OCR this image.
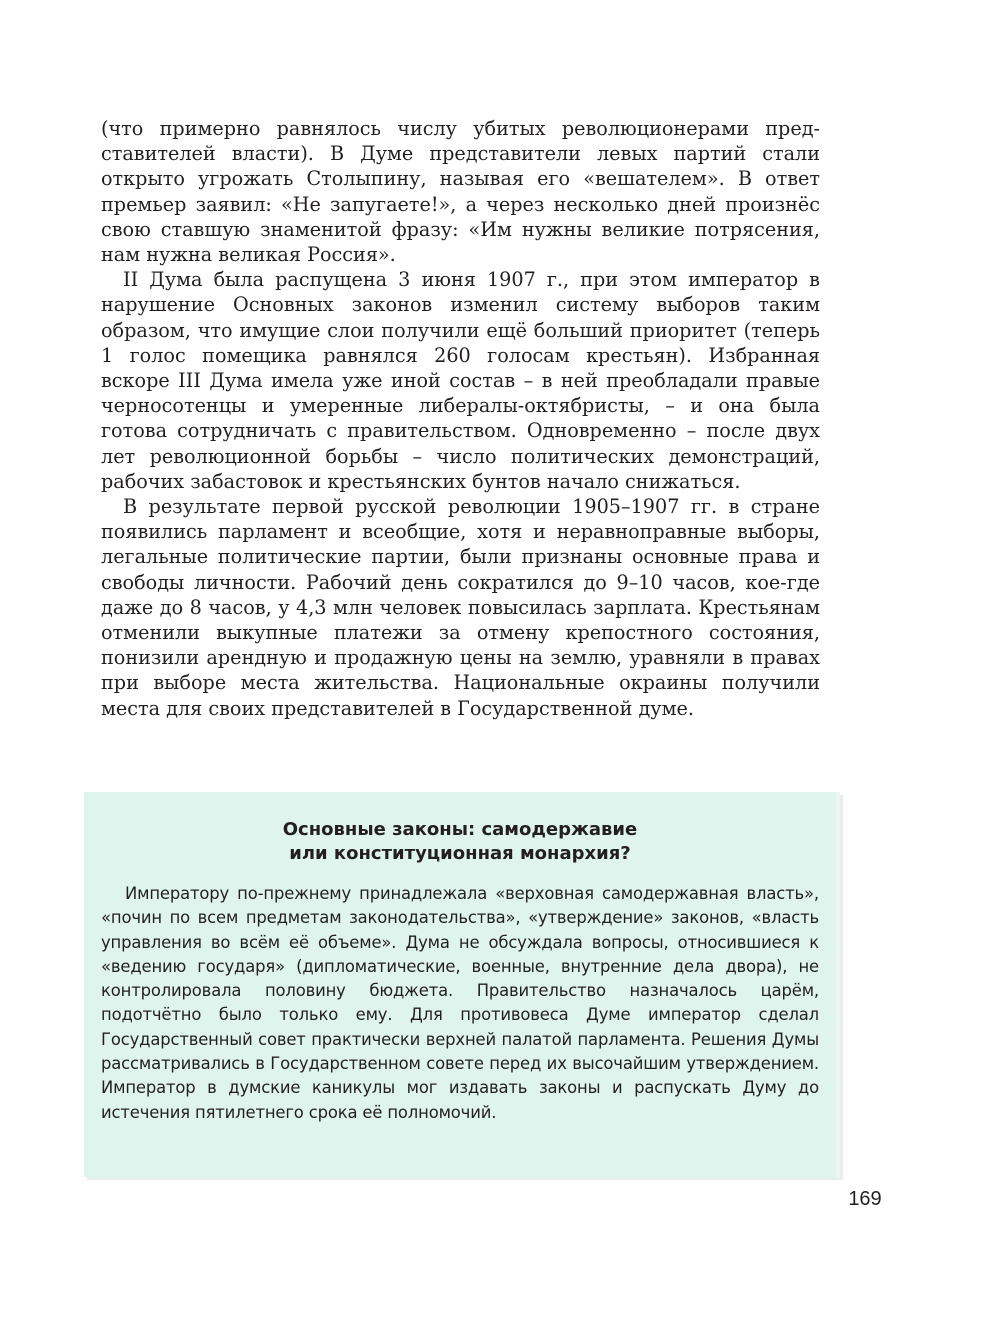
(что примерно равнялось числу убитых революционерами представителей власти). В Думе представители левых партий стали открыто угрожать Столыпину, называя его «вешателем». В ответ премьер заявил: «Не запугаете!», а через несколько дней произнёс свою ставшую знаменитой фразу: «Им нужны великие потрясения, нам нужна великая Россия».

II Дума была распущена 3 июня 1907 г., при этом император в нарушение Основных законов изменил систему выборов таким образом, что имущие слои получили ещё больший приоритет (теперь 1 голос помещика равнялся 260 голосам крестьян). Избранная вскоре III Дума имела уже иной состав – в ней преобладали правые черносотенцы и умеренные либералы-октябристы, – и она была готова сотрудничать с правительством. Одновременно – после двух лет революционной борьбы – число политических демонстраций, рабочих забастовок и крестьянских бунтов начало снижаться.

В результате первой русской революции 1905–1907 гг. в стране появились парламент и всеобщие, хотя и неравноправные выборы, легальные политические партии, были признаны основные права и свободы личности. Рабочий день сократился до 9–10 часов, кое-где даже до 8 часов, у 4,3 млн человек повысилась зарплата. Крестьянам отменили выкупные платежи за отмену крепостного состояния, понизили арендную и продажную цены на землю, уравняли в правах при выборе места жительства. Национальные окраины получили места для своих представителей в Государственной думе.

Основные законы: самодержавие
или конституционная монархия?
Императору по-прежнему принадлежала «верховная самодержавная власть», «почин по всем предметам законодательства», «утверждение» законов, «власть управления во всём её объеме». Дума не обсуждала вопросы, относившиеся к «ведению государя» (дипломатические, военные, внутренние дела двора), не контролировала половину бюджета. Правительство назначалось царём, подотчётно было только ему. Для противовеса Думе император сделал Государственный совет практически верхней палатой парламента. Решения Думы рассматривались в Государственном совете перед их высочайшим утверждением. Император в думские каникулы мог издавать законы и распускать Думу до истечения пятилетнего срока её полномочий.
169
